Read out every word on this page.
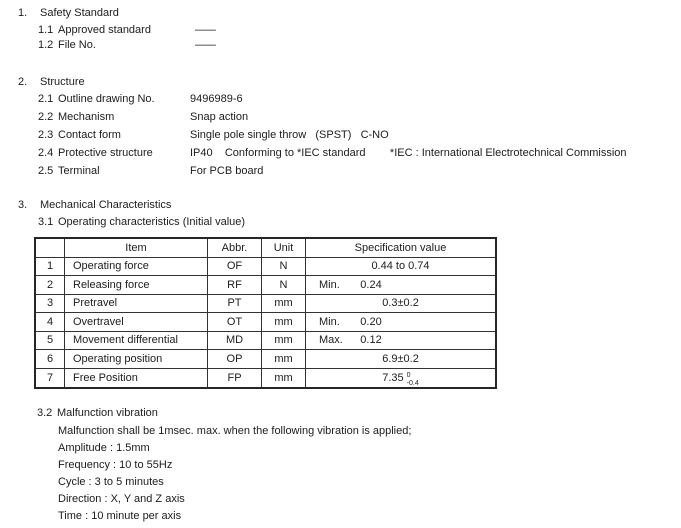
1.	Safety Standard
1.1 Approved standard	—
1.2 File No.	—
2.	Structure
2.1 Outline drawing No.	9496989-6
2.2 Mechanism	Snap action
2.3 Contact form	Single pole single throw   (SPST)   C-NO
2.4 Protective structure	IP40    Conforming to *IEC standard        *IEC : International Electrotechnical Commission
2.5 Terminal	For PCB board
3.	Mechanical Characteristics
3.1 Operating characteristics (Initial value)
Item	Abbr.	Unit	Specification value
1	Operating force	OF	N	0.44 to 0.74
2	Releasing force	RF	N	Min.	0.24
3	Pretravel	PT	mm	0.3±0.2
4	Overtravel	OT	mm	Min.	0.20
5	Movement differential	MD	mm	Max.	0.12
6	Operating position	OP	mm	6.9±0.2
7	Free Position	FP	mm	7.35 0
-0.4
3.2 Malfunction vibration
Malfunction shall be 1msec. max. when the following vibration is applied;
Amplitude : 1.5mm
Frequency : 10 to 55Hz
Cycle : 3 to 5 minutes
Direction : X, Y and Z axis
Time : 10 minute per axis
